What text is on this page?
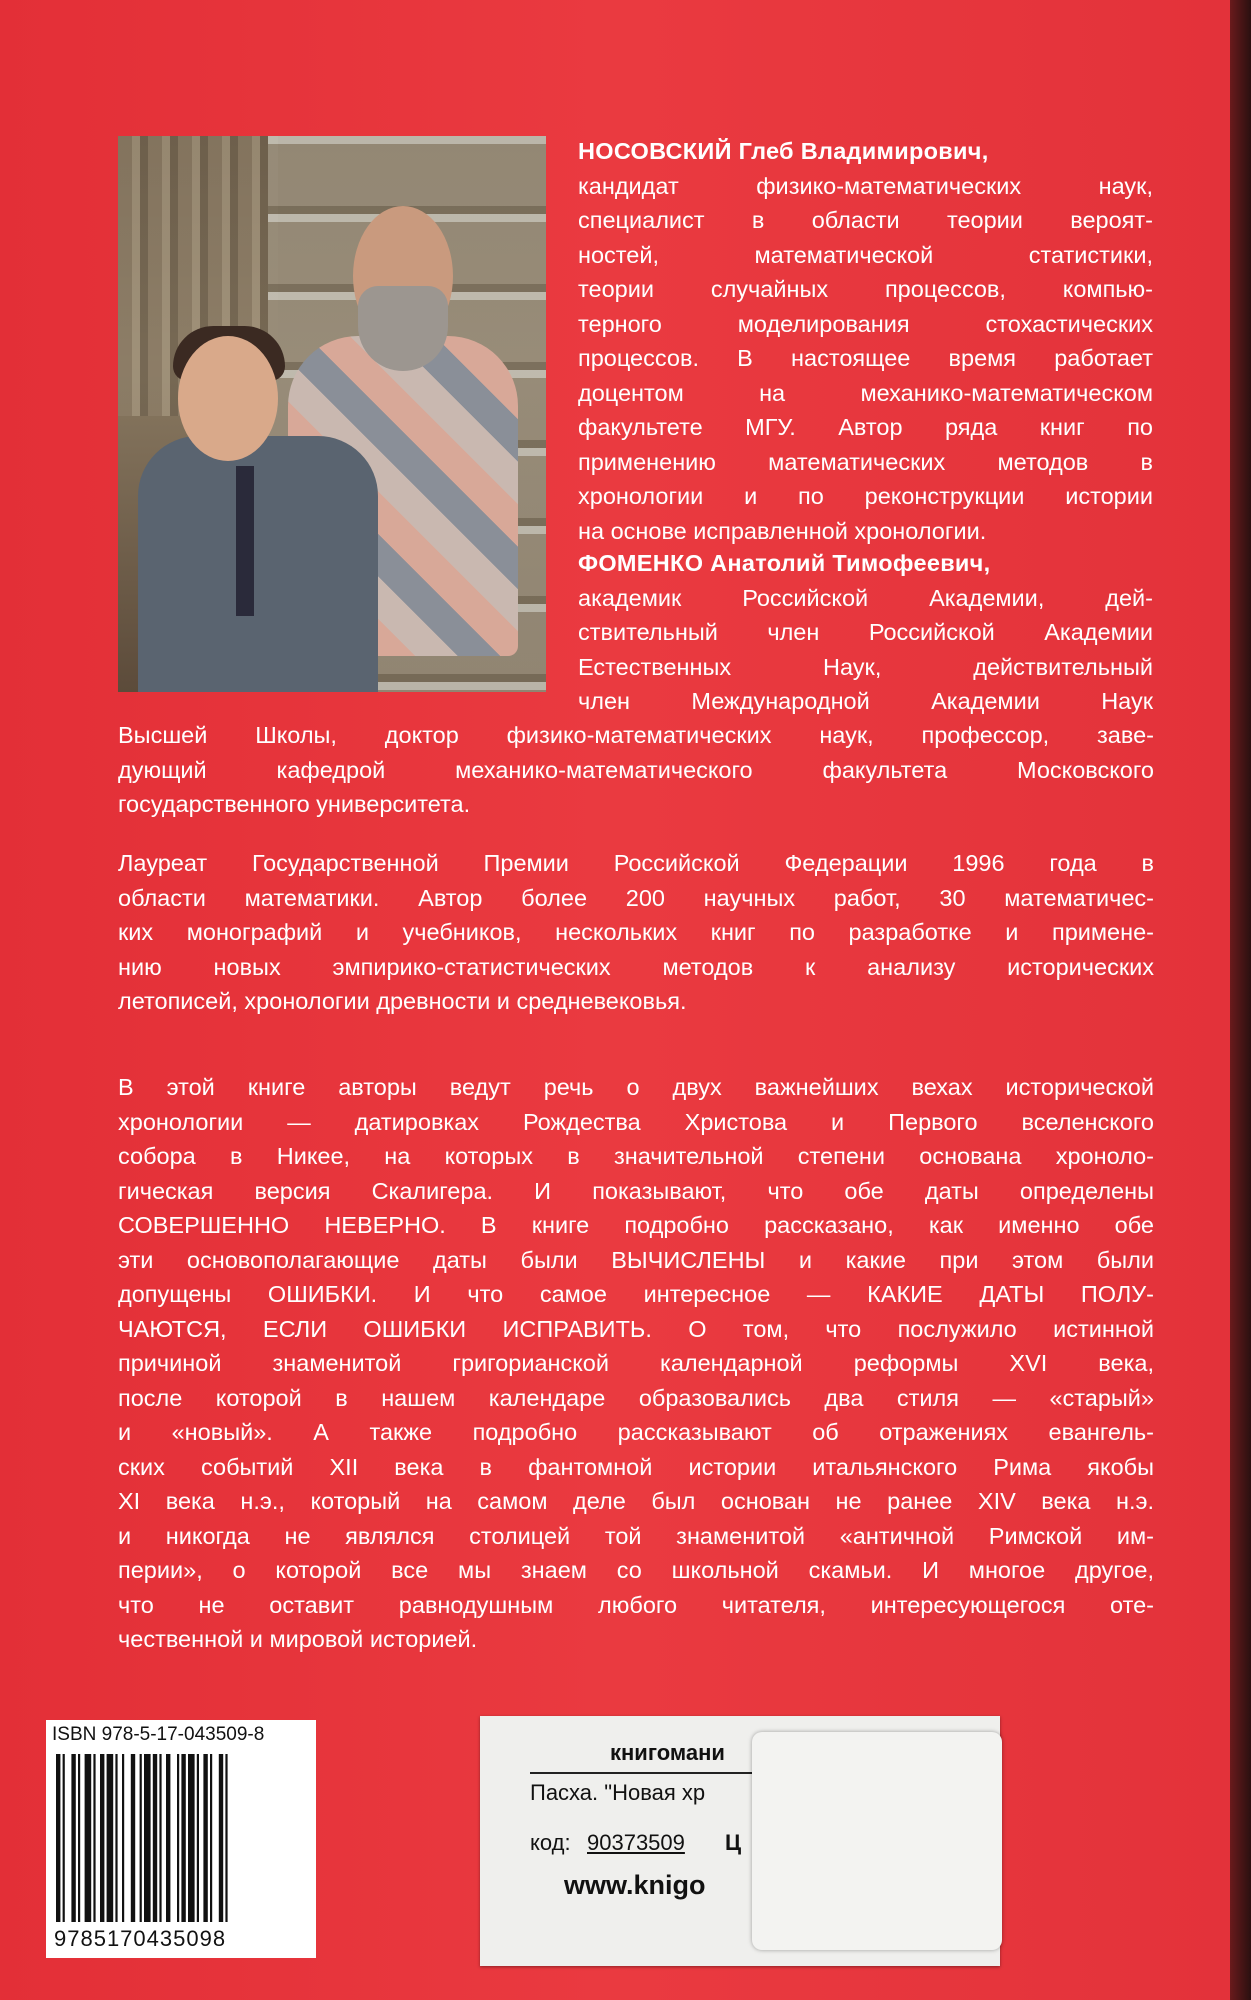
НОСОВСКИЙ Глеб Владимирович,
кандидат физико-математических наук,
специалист в области теории вероят-
ностей, математической статистики,
теории случайных процессов, компью-
терного моделирования стохастических
процессов. В настоящее время работает
доцентом на механико-математическом
факультете МГУ. Автор ряда книг по
применению математических методов в
хронологии и по реконструкции истории
на основе исправленной хронологии.
ФОМЕНКО Анатолий Тимофеевич,
академик Российской Академии, дей-
ствительный член Российской Академии
Естественных Наук, действительный
член Международной Академии Наук
Высшей Школы, доктор физико-математических наук, профессор, заве-
дующий кафедрой механико-математического факультета Московского
государственного университета.
Лауреат Государственной Премии Российской Федерации 1996 года в
области математики. Автор более 200 научных работ, 30 математичес-
ких монографий и учебников, нескольких книг по разработке и примене-
нию новых эмпирико-статистических методов к анализу исторических
летописей, хронологии древности и средневековья.
В этой книге авторы ведут речь о двух важнейших вехах исторической
хронологии — датировках Рождества Христова и Первого вселенского
собора в Никее, на которых в значительной степени основана хроноло-
гическая версия Скалигера. И показывают, что обе даты определены
СОВЕРШЕННО НЕВЕРНО. В книге подробно рассказано, как именно обе
эти основополагающие даты были ВЫЧИСЛЕНЫ и какие при этом были
допущены ОШИБКИ. И что самое интересное — КАКИЕ ДАТЫ ПОЛУ-
ЧАЮТСЯ, ЕСЛИ ОШИБКИ ИСПРАВИТЬ. О том, что послужило истинной
причиной знаменитой григорианской календарной реформы XVI века,
после которой в нашем календаре образовались два стиля — «старый»
и «новый». А также подробно рассказывают об отражениях евангель-
ских событий XII века в фантомной истории итальянского Рима якобы
XI века н.э., который на самом деле был основан не ранее XIV века н.э.
и никогда не являлся столицей той знаменитой «античной Римской им-
перии», о которой все мы знаем со школьной скамьи. И многое другое,
что не оставит равнодушным любого читателя, интересующегося оте-
чественной и мировой историей.
ISBN 978-5-17-043509-8
9785170435098
книгомани
Пасха. "Новая хр
код: 90373509 Ц
www.knigo
